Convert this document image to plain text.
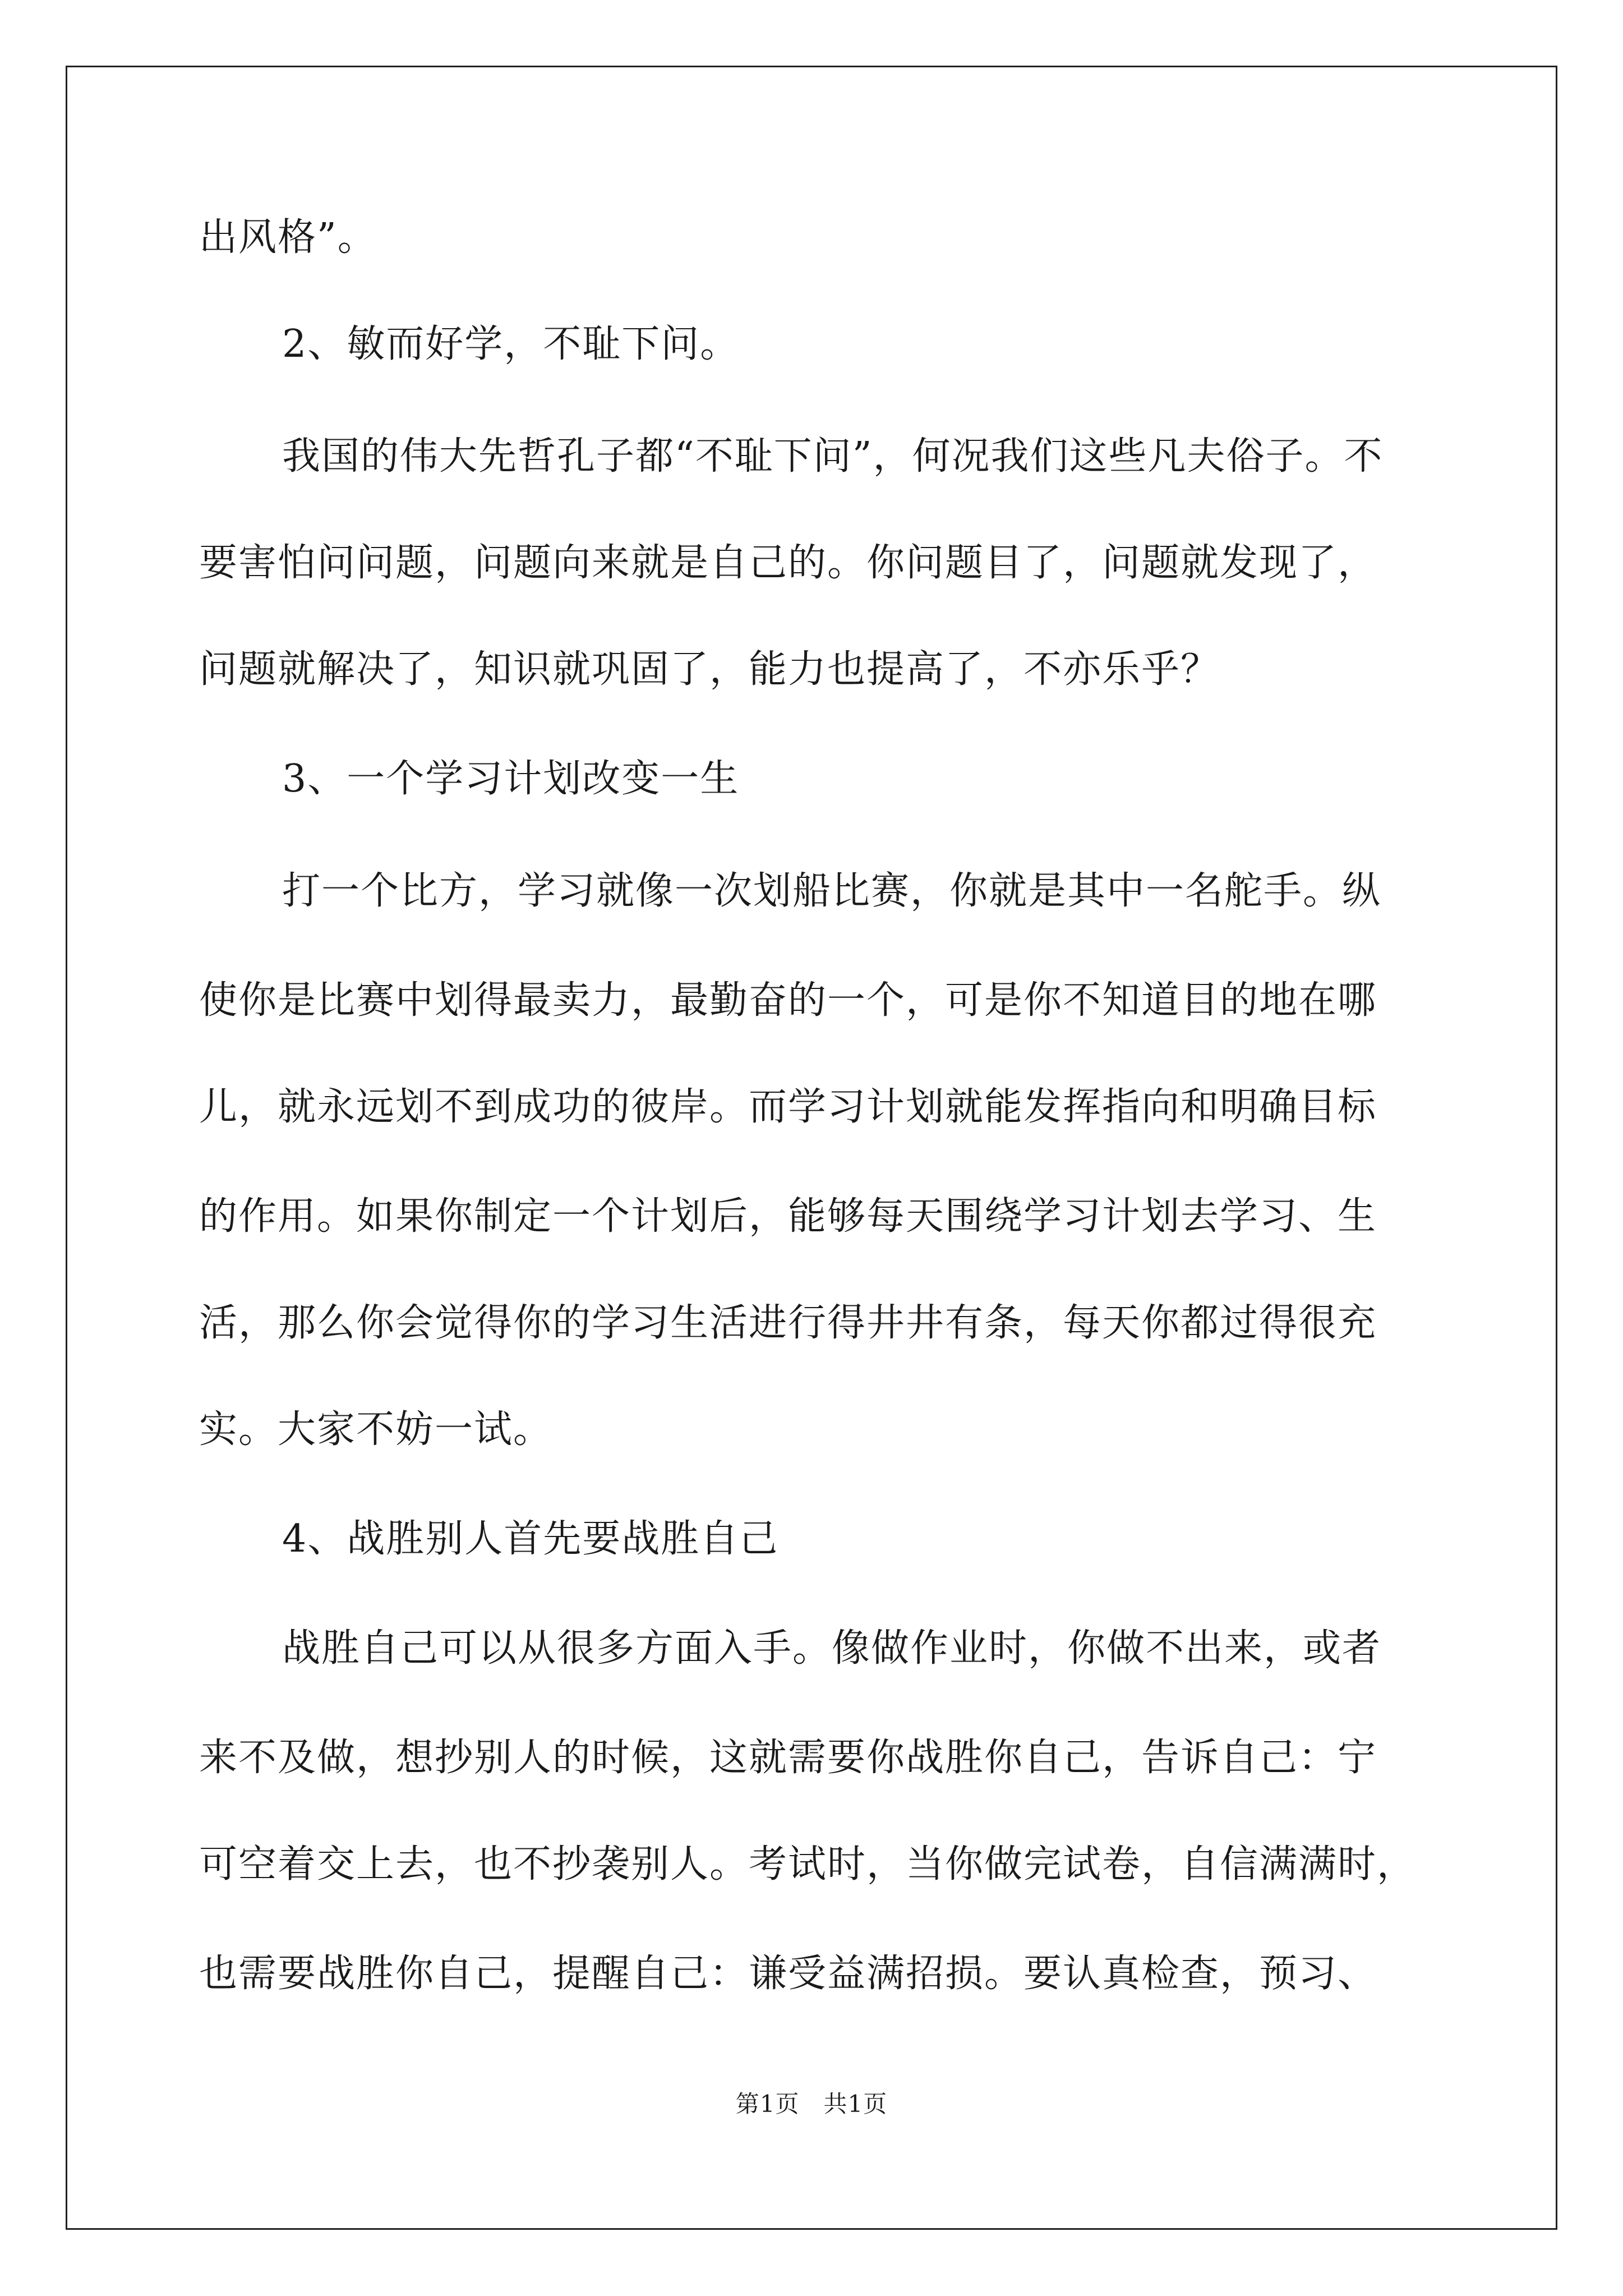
出风格”。
2、敏而好学，不耻下问。
我国的伟大先哲孔子都“不耻下问”，何况我们这些凡夫俗子。不
要害怕问问题，问题向来就是自己的。你问题目了，问题就发现了，
问题就解决了，知识就巩固了，能力也提高了，不亦乐乎？
3、一个学习计划改变一生
打一个比方，学习就像一次划船比赛，你就是其中一名舵手。纵
使你是比赛中划得最卖力，最勤奋的一个，可是你不知道目的地在哪
儿，就永远划不到成功的彼岸。而学习计划就能发挥指向和明确目标
的作用。如果你制定一个计划后，能够每天围绕学习计划去学习、生
活，那么你会觉得你的学习生活进行得井井有条，每天你都过得很充
实。大家不妨一试。
4、战胜别人首先要战胜自己
战胜自己可以从很多方面入手。像做作业时，你做不出来，或者
来不及做，想抄别人的时候，这就需要你战胜你自己，告诉自己：宁
可空着交上去，也不抄袭别人。考试时，当你做完试卷，自信满满时，
也需要战胜你自己，提醒自己：谦受益满招损。要认真检查，预习、
第1页　共1页
